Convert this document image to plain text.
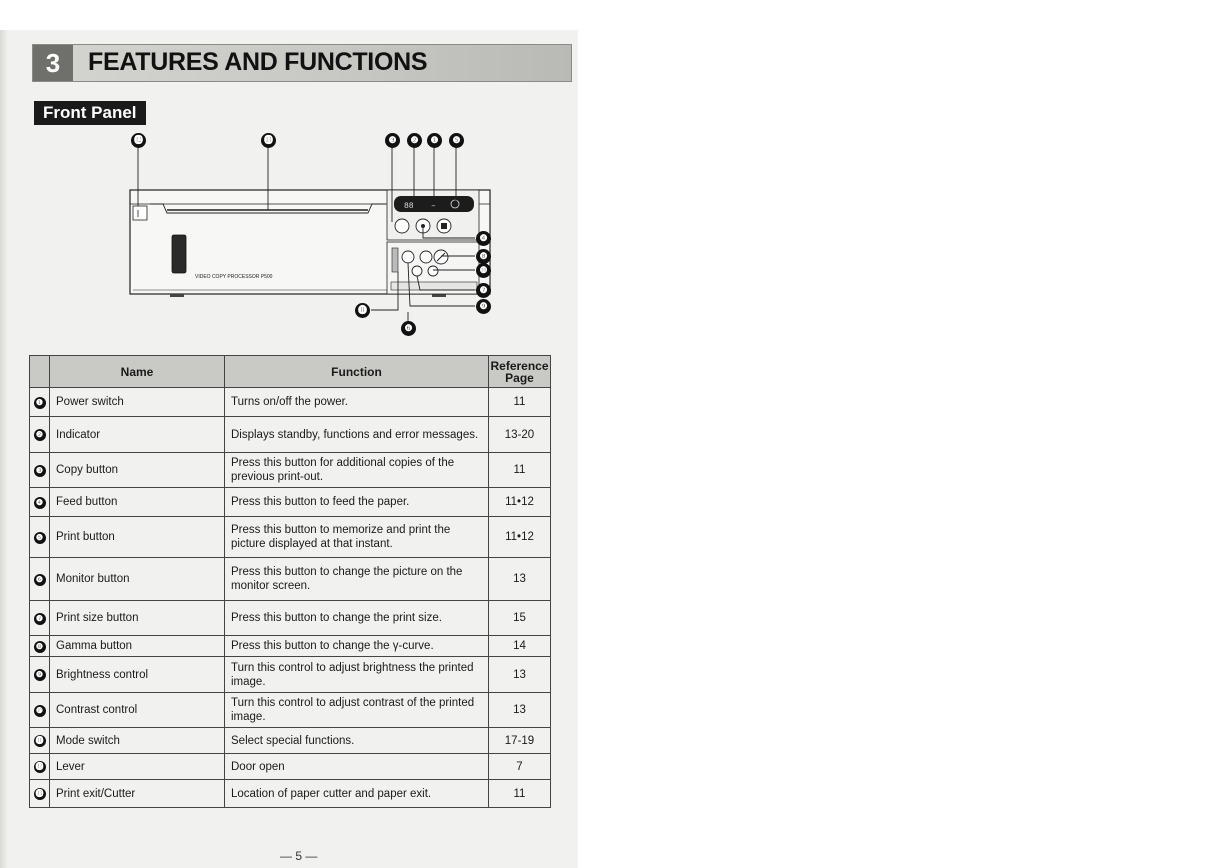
3	FEATURES AND FUNCTIONS
Front Panel
88 –
VIDEO COPY PROCESSOR P500
⓬	⓭	❸	❷	❶	❺
❹
❽
❿
❼
❾
⓫
❻
	Name	Function	Reference Page
❶	Power switch	Turns on/off the power.	11
❷	Indicator	Displays standby, functions and error messages.	13-20
❸	Copy button	Press this button for additional copies of the previous print-out.	11
❹	Feed button	Press this button to feed the paper.	11•12
❺	Print button	Press this button to memorize and print the picture displayed at that instant.	11•12
❻	Monitor button	Press this button to change the picture on the monitor screen.	13
❼	Print size button	Press this button to change the print size.	15
❽	Gamma button	Press this button to change the γ-curve.	14
❾	Brightness control	Turn this control to adjust brightness the printed image.	13
❿	Contrast control	Turn this control to adjust contrast of the printed image.	13
⓫	Mode switch	Select special functions.	17-19
⓬	Lever	Door open	7
⓭	Print exit/Cutter	Location of paper cutter and paper exit.	11
— 5 —
